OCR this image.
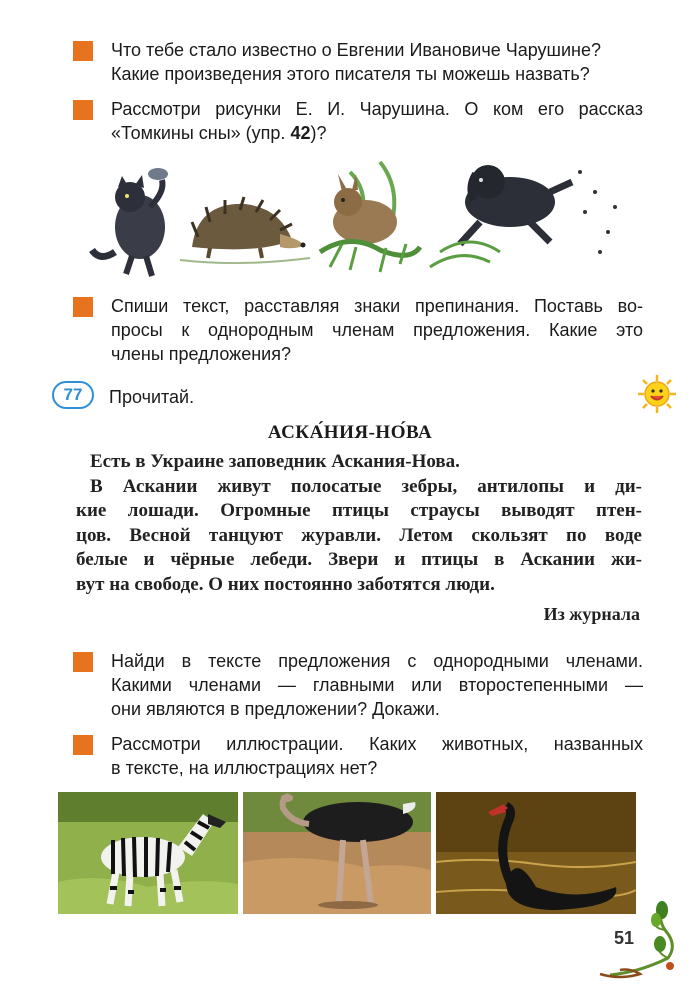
Что тебе стало известно о Евгении Ивановиче Чарушине?
Какие произведения этого писателя ты можешь назвать?
Рассмотри рисунки Е. И. Чарушина. О ком его рассказ
«Томкины сны» (упр. 42)?
Спиши текст, расставляя знаки препинания. Поставь во-
просы к однородным членам предложения. Какие это
члены предложения?
77	Прочитай.
АСКА́НИЯ-НО́ВА
Есть в Украине заповедник Аскания-Нова.
В Аскании живут полосатые зебры, антилопы и ди-
кие лошади. Огромные птицы страусы выводят птен-
цов. Весной танцуют журавли. Летом скользят по воде
белые и чёрные лебеди. Звери и птицы в Аскании жи-
вут на свободе. О них постоянно заботятся люди.
Из журнала
Найди в тексте предложения с однородными членами.
Какими членами — главными или второстепенными —
они являются в предложении? Докажи.
Рассмотри иллюстрации. Каких животных, названных
в тексте, на иллюстрациях нет?
51
